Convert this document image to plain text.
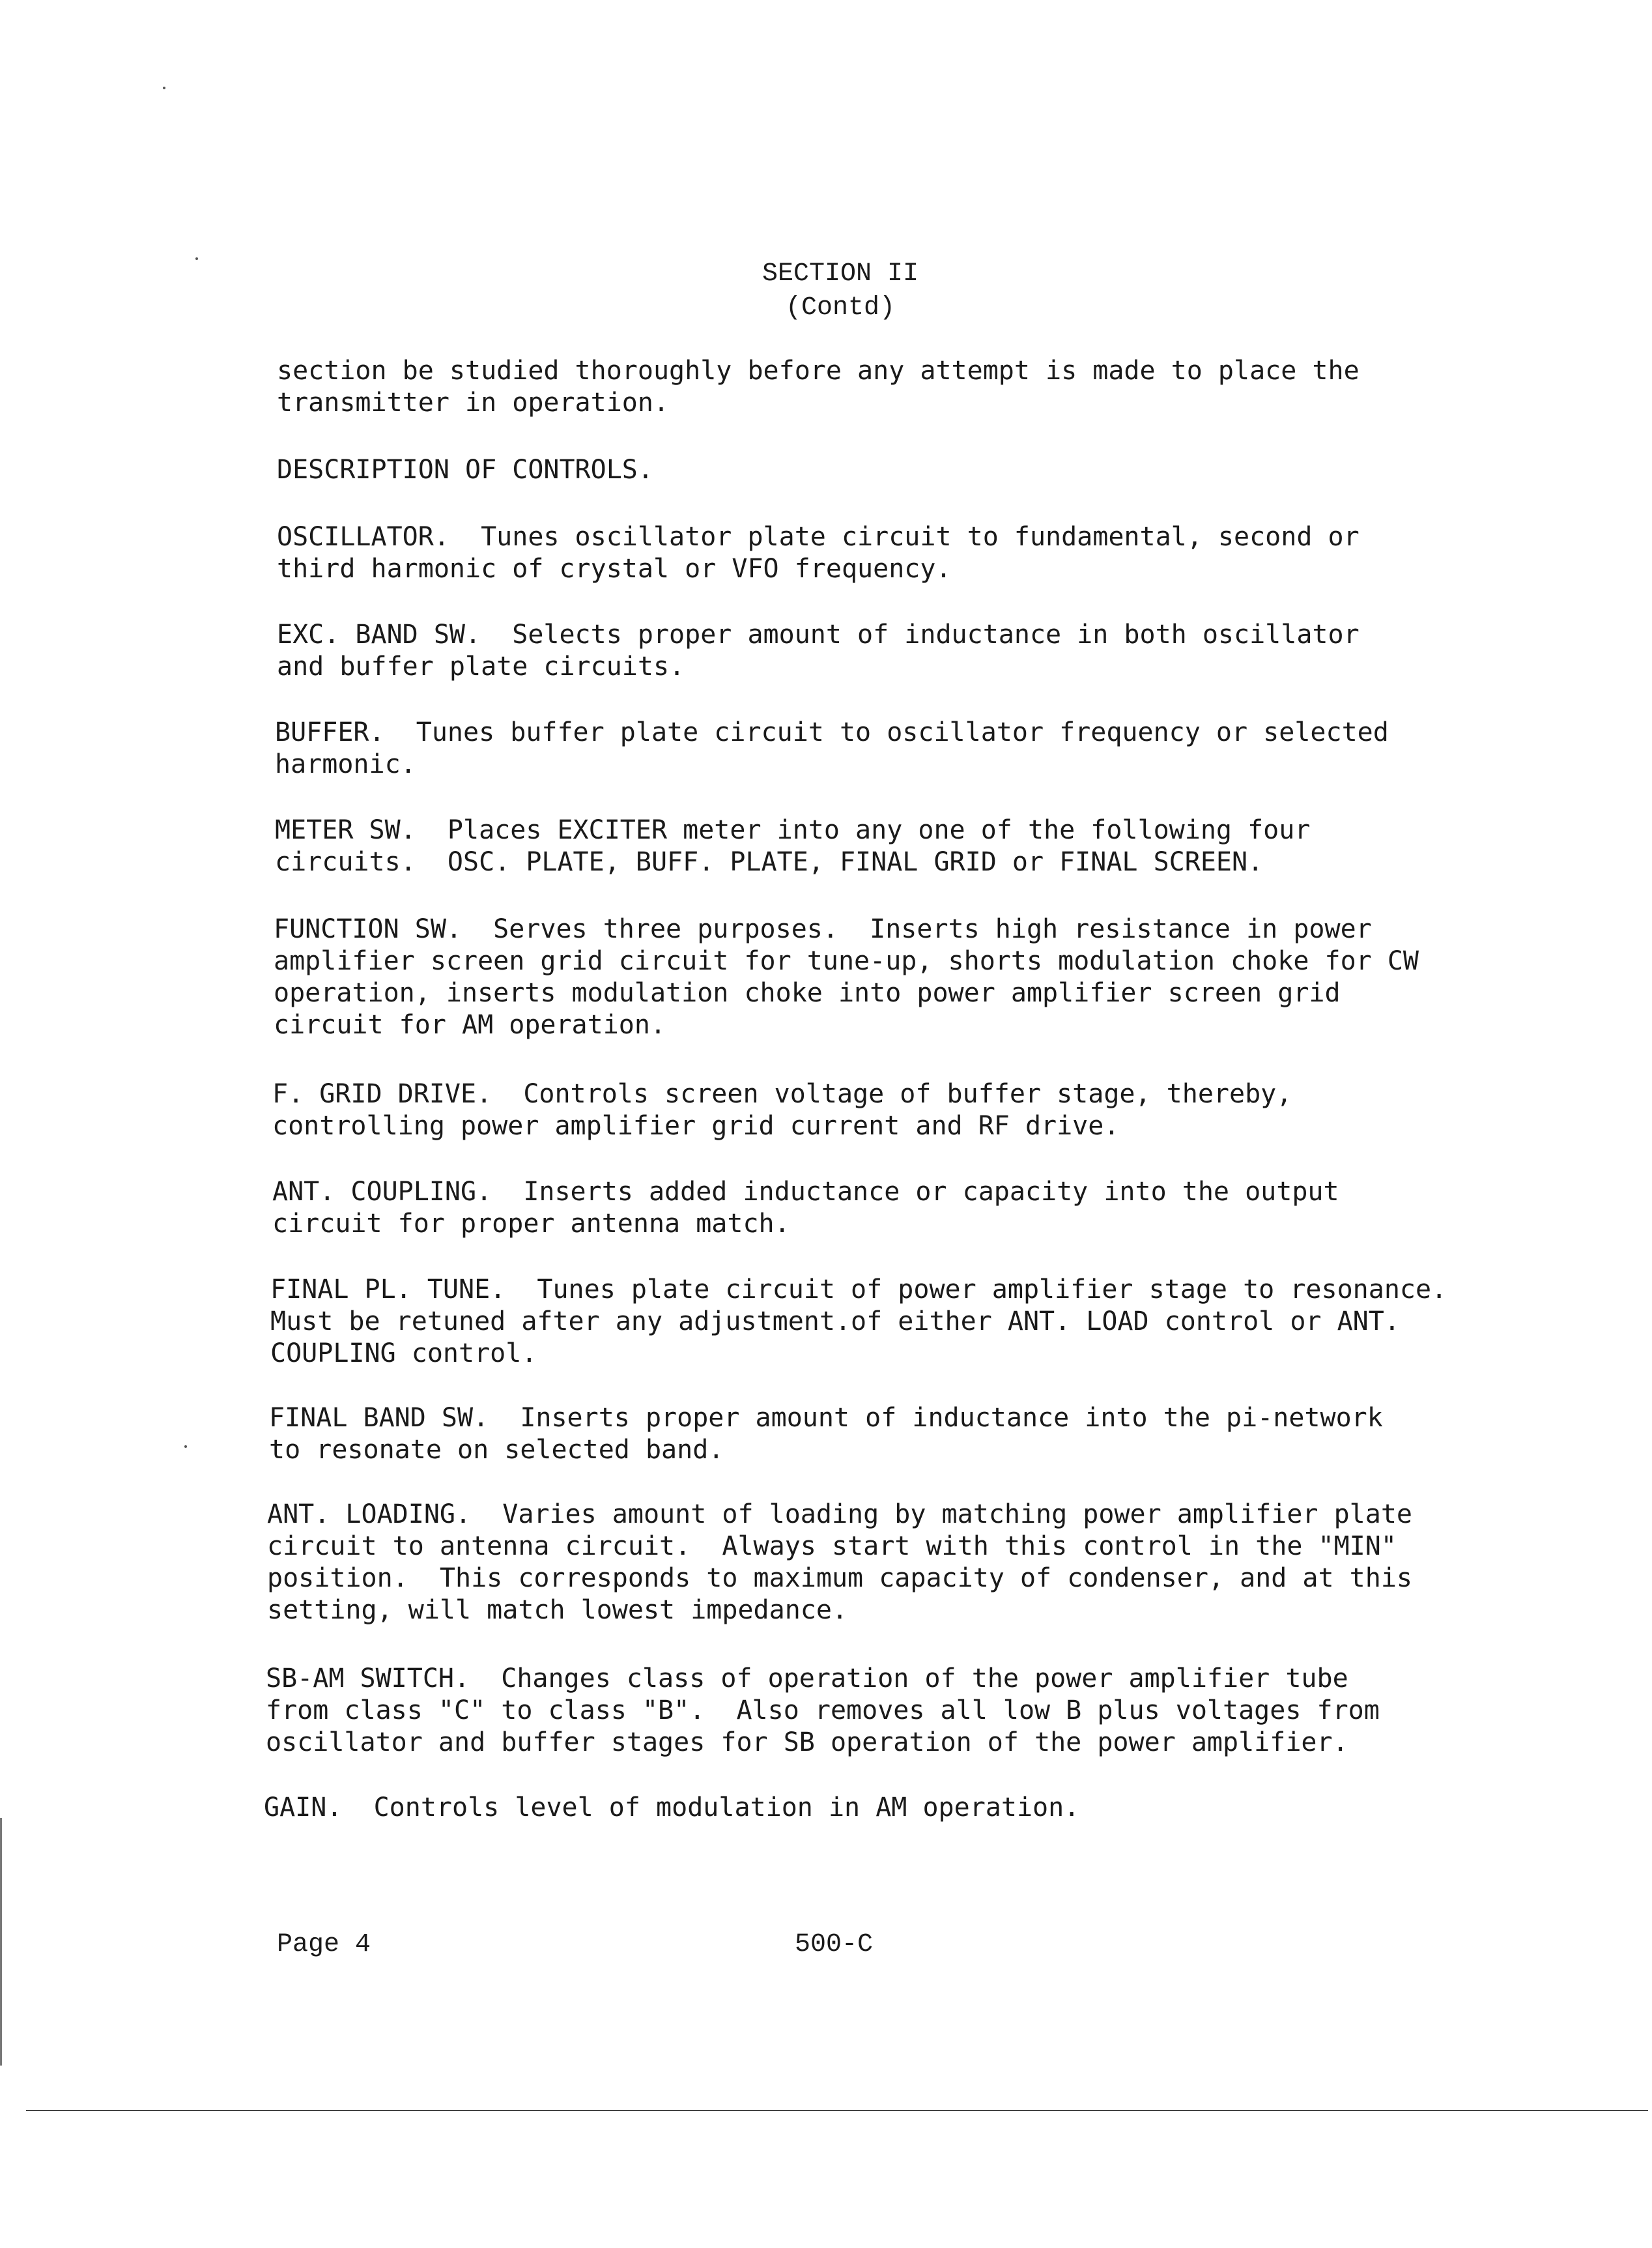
SECTION II
(Contd)
section be studied thoroughly before any attempt is made to place the
transmitter in operation.
DESCRIPTION OF CONTROLS.
OSCILLATOR.  Tunes oscillator plate circuit to fundamental, second or
third harmonic of crystal or VFO frequency.
EXC. BAND SW.  Selects proper amount of inductance in both oscillator
and buffer plate circuits.
BUFFER.  Tunes buffer plate circuit to oscillator frequency or selected
harmonic.
METER SW.  Places EXCITER meter into any one of the following four
circuits.  OSC. PLATE, BUFF. PLATE, FINAL GRID or FINAL SCREEN.
FUNCTION SW.  Serves three purposes.  Inserts high resistance in power
amplifier screen grid circuit for tune-up, shorts modulation choke for CW
operation, inserts modulation choke into power amplifier screen grid
circuit for AM operation.
F. GRID DRIVE.  Controls screen voltage of buffer stage, thereby,
controlling power amplifier grid current and RF drive.
ANT. COUPLING.  Inserts added inductance or capacity into the output
circuit for proper antenna match.
FINAL PL. TUNE.  Tunes plate circuit of power amplifier stage to resonance.
Must be retuned after any adjustment.of either ANT. LOAD control or ANT.
COUPLING control.
FINAL BAND SW.  Inserts proper amount of inductance into the pi-network
to resonate on selected band.
ANT. LOADING.  Varies amount of loading by matching power amplifier plate
circuit to antenna circuit.  Always start with this control in the "MIN"
position.  This corresponds to maximum capacity of condenser, and at this
setting, will match lowest impedance.
SB-AM SWITCH.  Changes class of operation of the power amplifier tube
from class "C" to class "B".  Also removes all low B plus voltages from
oscillator and buffer stages for SB operation of the power amplifier.
GAIN.  Controls level of modulation in AM operation.
Page 4	500-C
